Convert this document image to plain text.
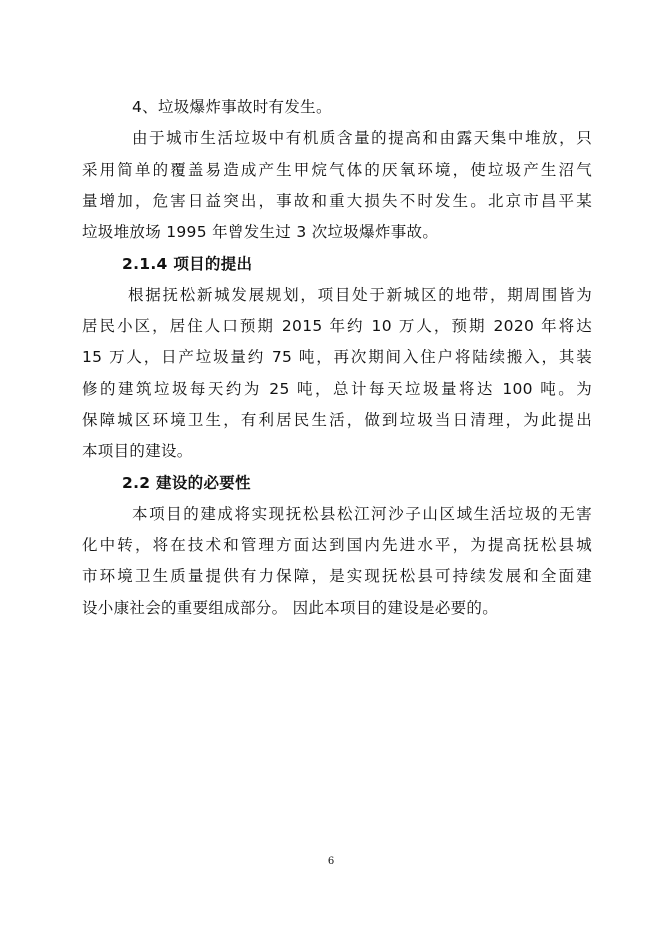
4、垃圾爆炸事故时有发生。
由于城市生活垃圾中有机质含量的提高和由露天集中堆放，只
采用简单的覆盖易造成产生甲烷气体的厌氧环境，使垃圾产生沼气
量增加，危害日益突出，事故和重大损失不时发生。北京市昌平某
垃圾堆放场 1995 年曾发生过 3 次垃圾爆炸事故。
2.1.4 项目的提出
根据抚松新城发展规划，项目处于新城区的地带，期周围皆为
居民小区，居住人口预期 2015 年约 10 万人，预期 2020 年将达
15 万人，日产垃圾量约 75 吨，再次期间入住户将陆续搬入，其装
修的建筑垃圾每天约为 25 吨，总计每天垃圾量将达 100 吨。为
保障城区环境卫生，有利居民生活，做到垃圾当日清理，为此提出
本项目的建设。
2.2 建设的必要性
本项目的建成将实现抚松县松江河沙子山区域生活垃圾的无害
化中转，将在技术和管理方面达到国内先进水平，为提高抚松县城
市环境卫生质量提供有力保障，是实现抚松县可持续发展和全面建
设小康社会的重要组成部分。 因此本项目的建设是必要的。
6
